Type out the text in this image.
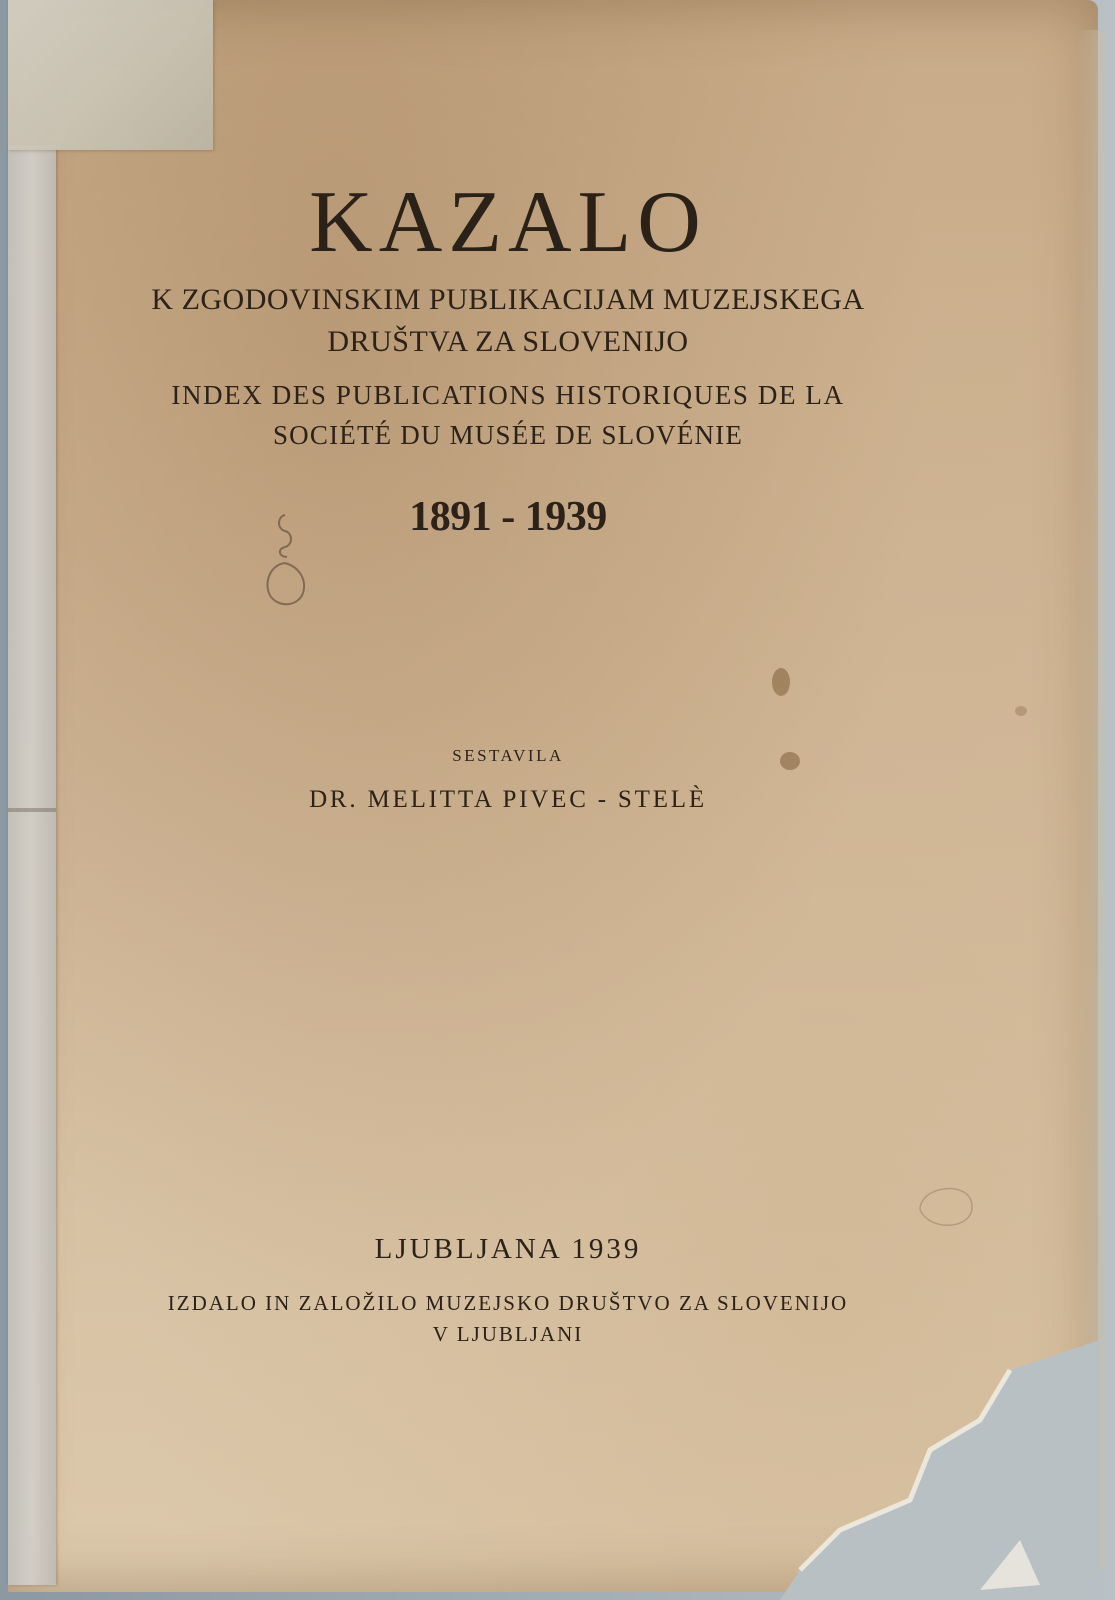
KAZALO

K ZGODOVINSKIM PUBLIKACIJAM MUZEJSKEGA

DRUŠTVA ZA SLOVENIJO

INDEX DES PUBLICATIONS HISTORIQUES DE LA

SOCIÉTÉ DU MUSÉE DE SLOVÉNIE

1891 - 1939

SESTAVILA

DR. MELITTA PIVEC - STELÈ

LJUBLJANA 1939

IZDALO IN ZALOŽILO MUZEJSKO DRUŠTVO ZA SLOVENIJO

V LJUBLJANI
